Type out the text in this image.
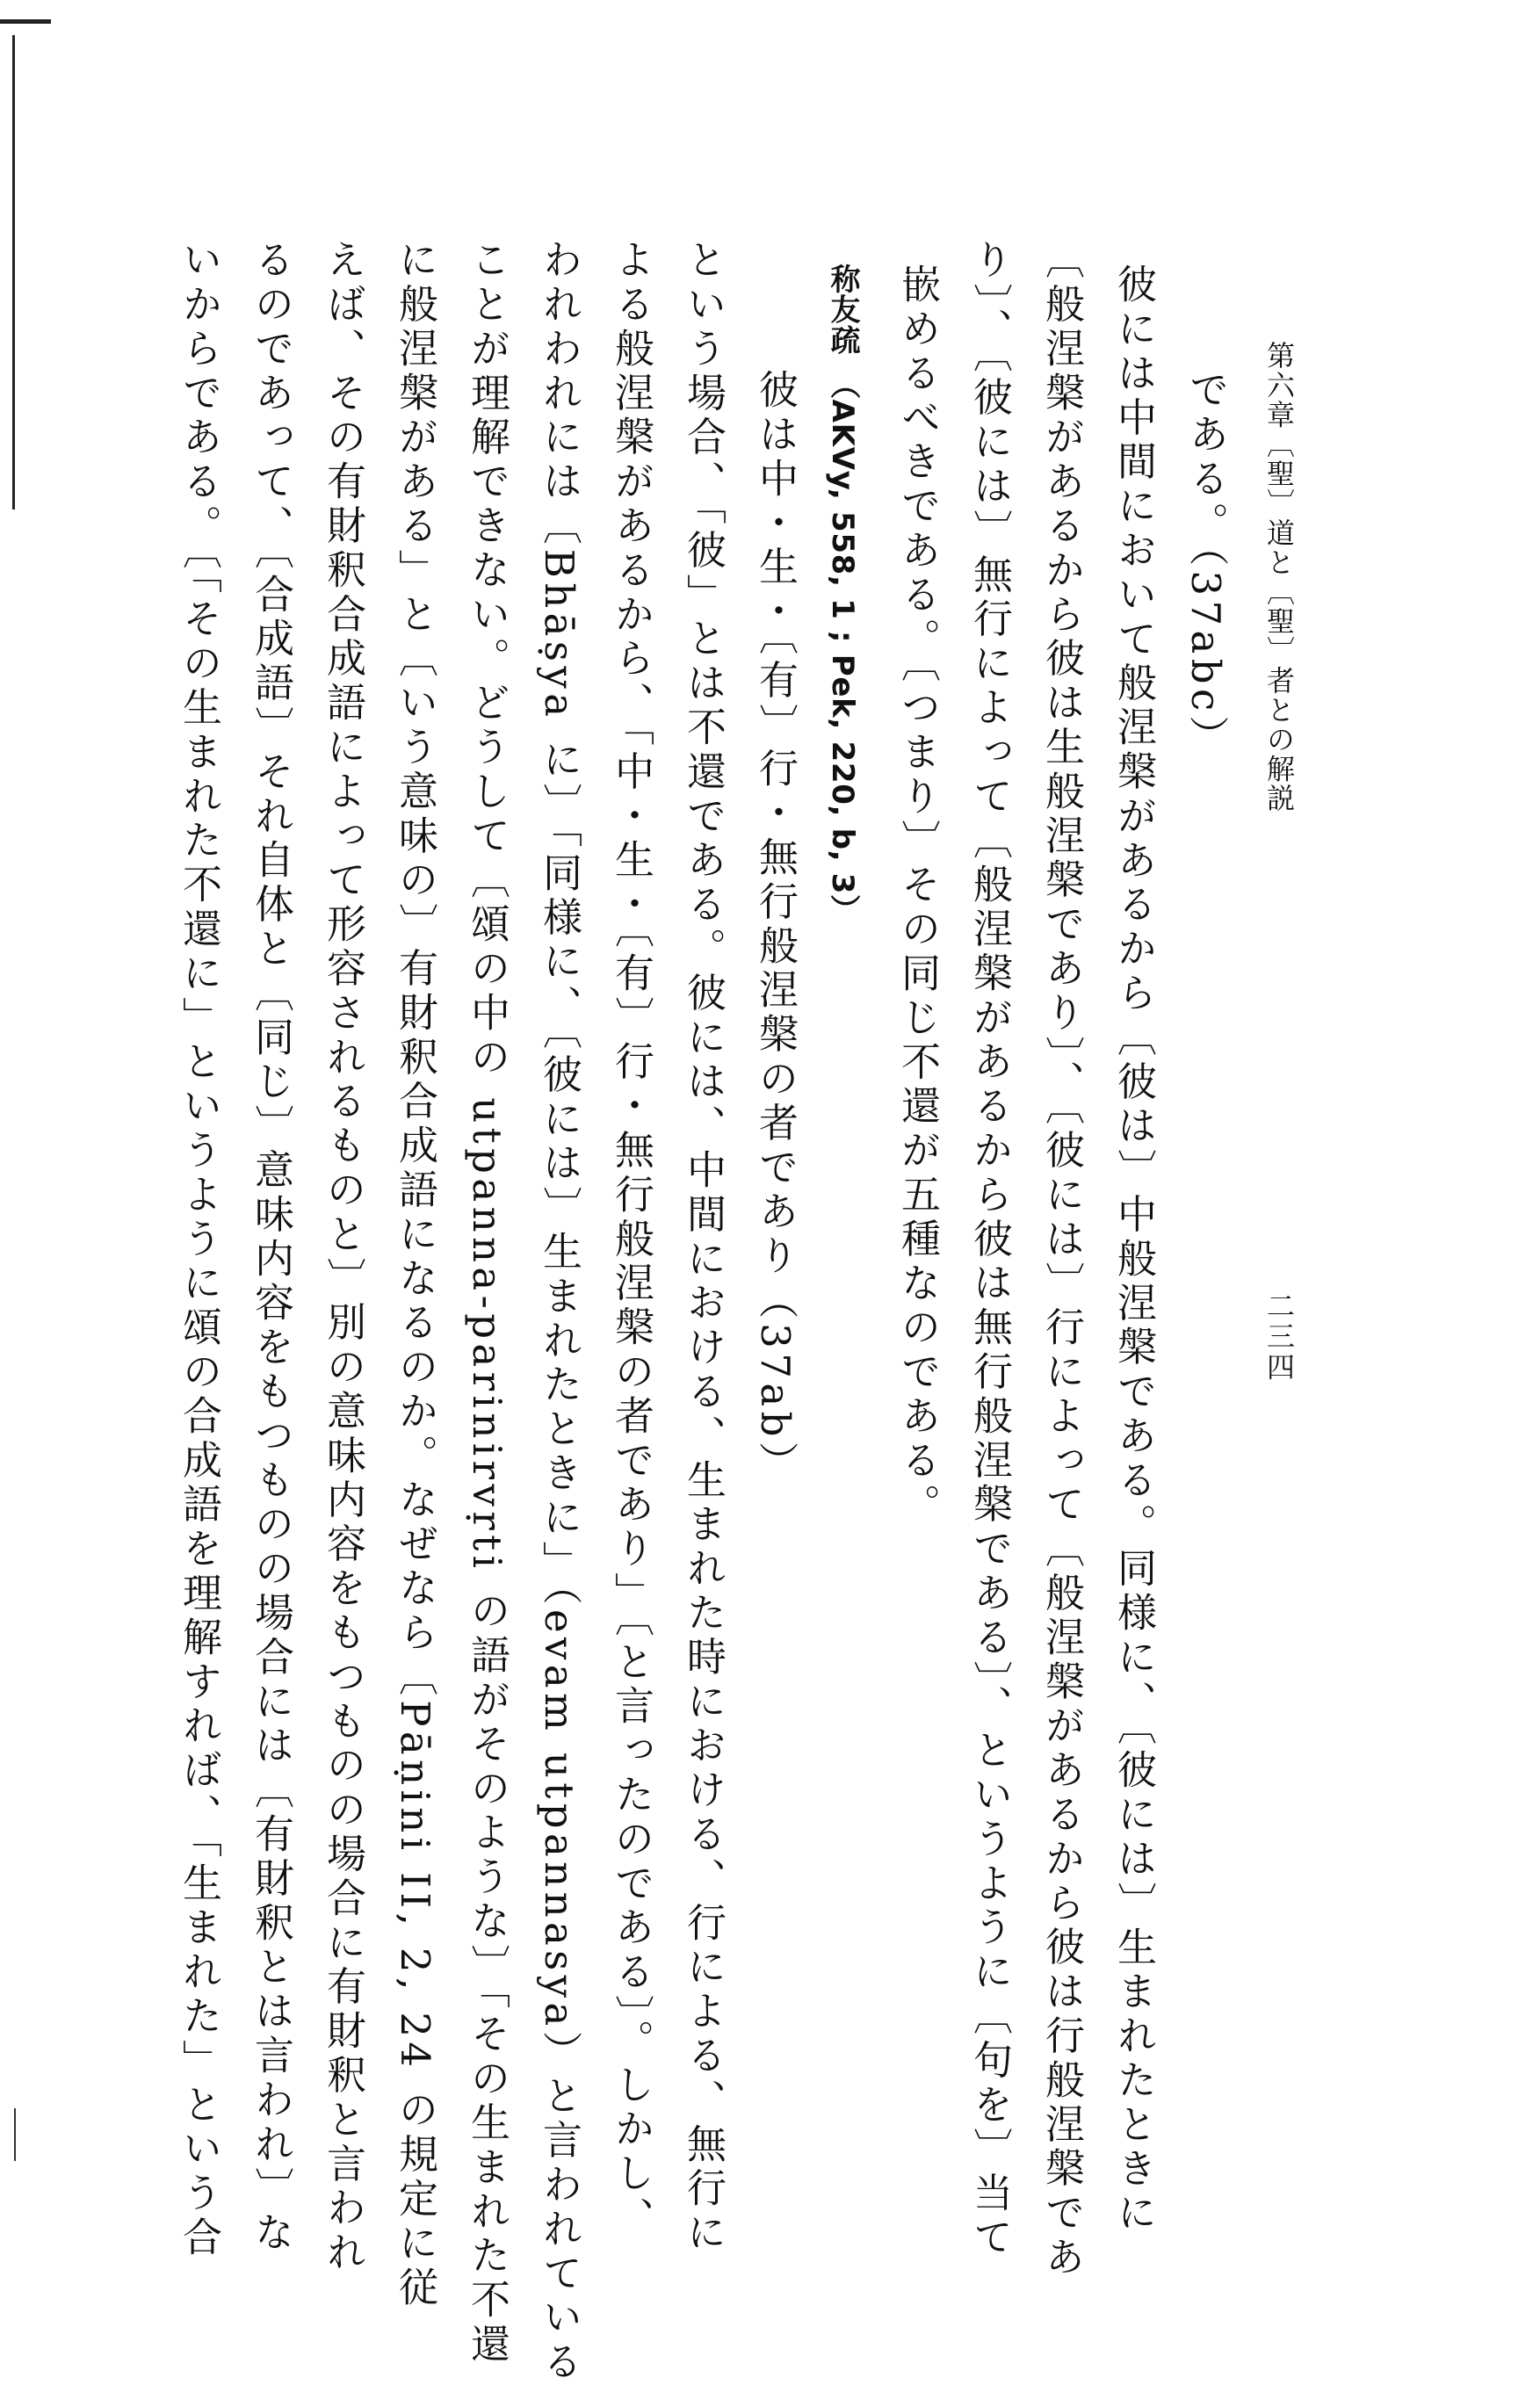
第六章〔聖〕道と〔聖〕者との解説
二三四
である。（37abc）
彼には中間において般涅槃があるから〔彼は〕中般涅槃である。同様に、〔彼には〕生まれたときに
〔般涅槃があるから彼は生般涅槃であり〕、〔彼には〕行によって〔般涅槃があるから彼は行般涅槃であ
り〕、〔彼には〕無行によって〔般涅槃があるから彼は無行般涅槃である〕、というように〔句を〕当て
嵌めるべきである。〔つまり〕その同じ不還が五種なのである。
称友疏
（AKVy, 558, 1 ; Pek, 220, b, 3）
彼は中・生・〔有〕行・無行般涅槃の者であり（37ab）
という場合、「彼」とは不還である。彼には、中間における、生まれた時における、行による、無行に
よる般涅槃があるから、「中・生・〔有〕行・無行般涅槃の者であり」〔と言ったのである〕。しかし、
われわれには〔Bhāṣya に〕「同様に、〔彼には〕生まれたときに」（evam utpannasya）と言われている
ことが理解できない。どうして〔頌の中の utpanna-parinirvṛti の語がそのような〕「その生まれた不還
に般涅槃がある」と〔いう意味の〕有財釈合成語になるのか。なぜなら〔Pāṇini II, 2, 24 の規定に従
えば、その有財釈合成語によって形容されるものと〕別の意味内容をもつものの場合に有財釈と言われ
るのであって、〔合成語〕それ自体と〔同じ〕意味内容をもつものの場合には〔有財釈とは言われ〕な
いからである。〔「その生まれた不還に」というように頌の合成語を理解すれば、「生まれた」という合
